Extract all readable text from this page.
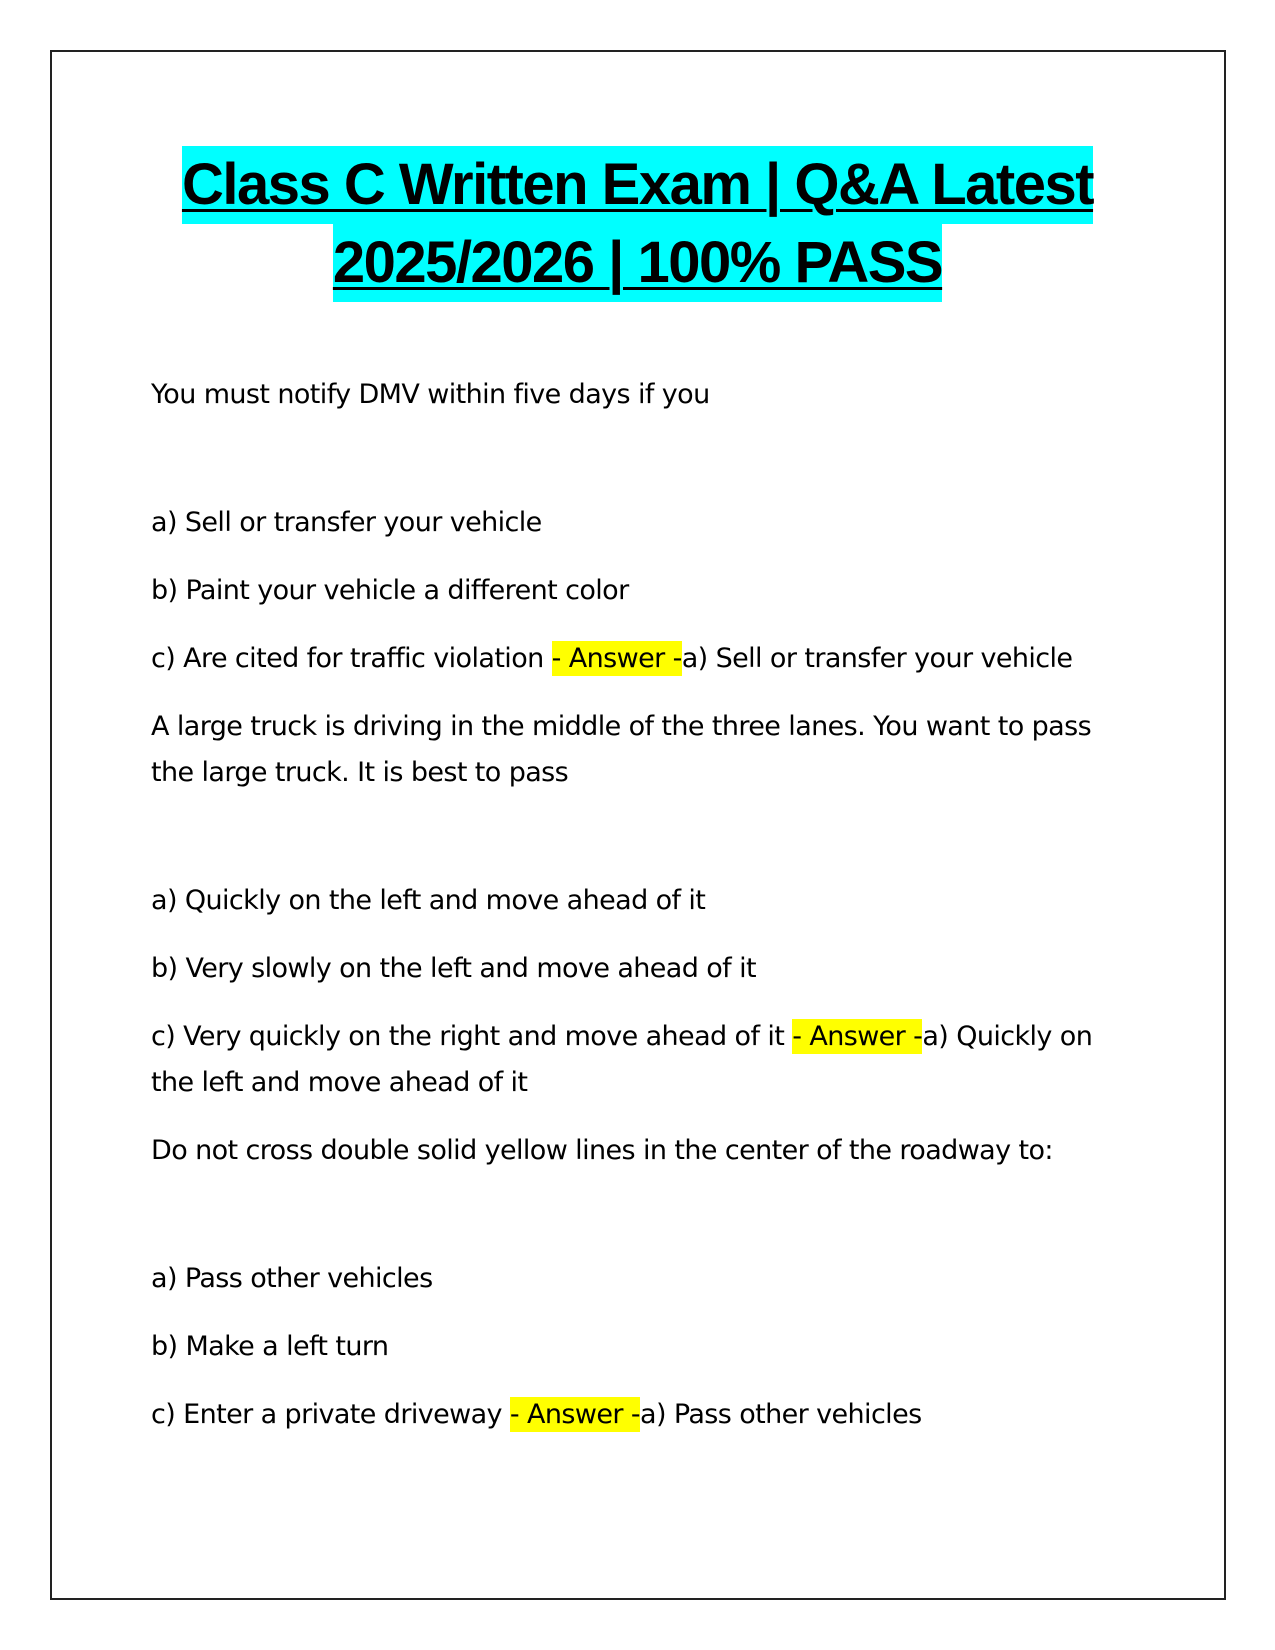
Class C Written Exam | Q&A Latest
2025/2026 | 100% PASS

You must notify DMV within five days if you

a) Sell or transfer your vehicle

b) Paint your vehicle a different color

c) Are cited for traffic violation - Answer -a) Sell or transfer your vehicle

A large truck is driving in the middle of the three lanes. You want to pass the large truck. It is best to pass

a) Quickly on the left and move ahead of it

b) Very slowly on the left and move ahead of it

c) Very quickly on the right and move ahead of it - Answer -a) Quickly on the left and move ahead of it

Do not cross double solid yellow lines in the center of the roadway to:

a) Pass other vehicles

b) Make a left turn

c) Enter a private driveway - Answer -a) Pass other vehicles
